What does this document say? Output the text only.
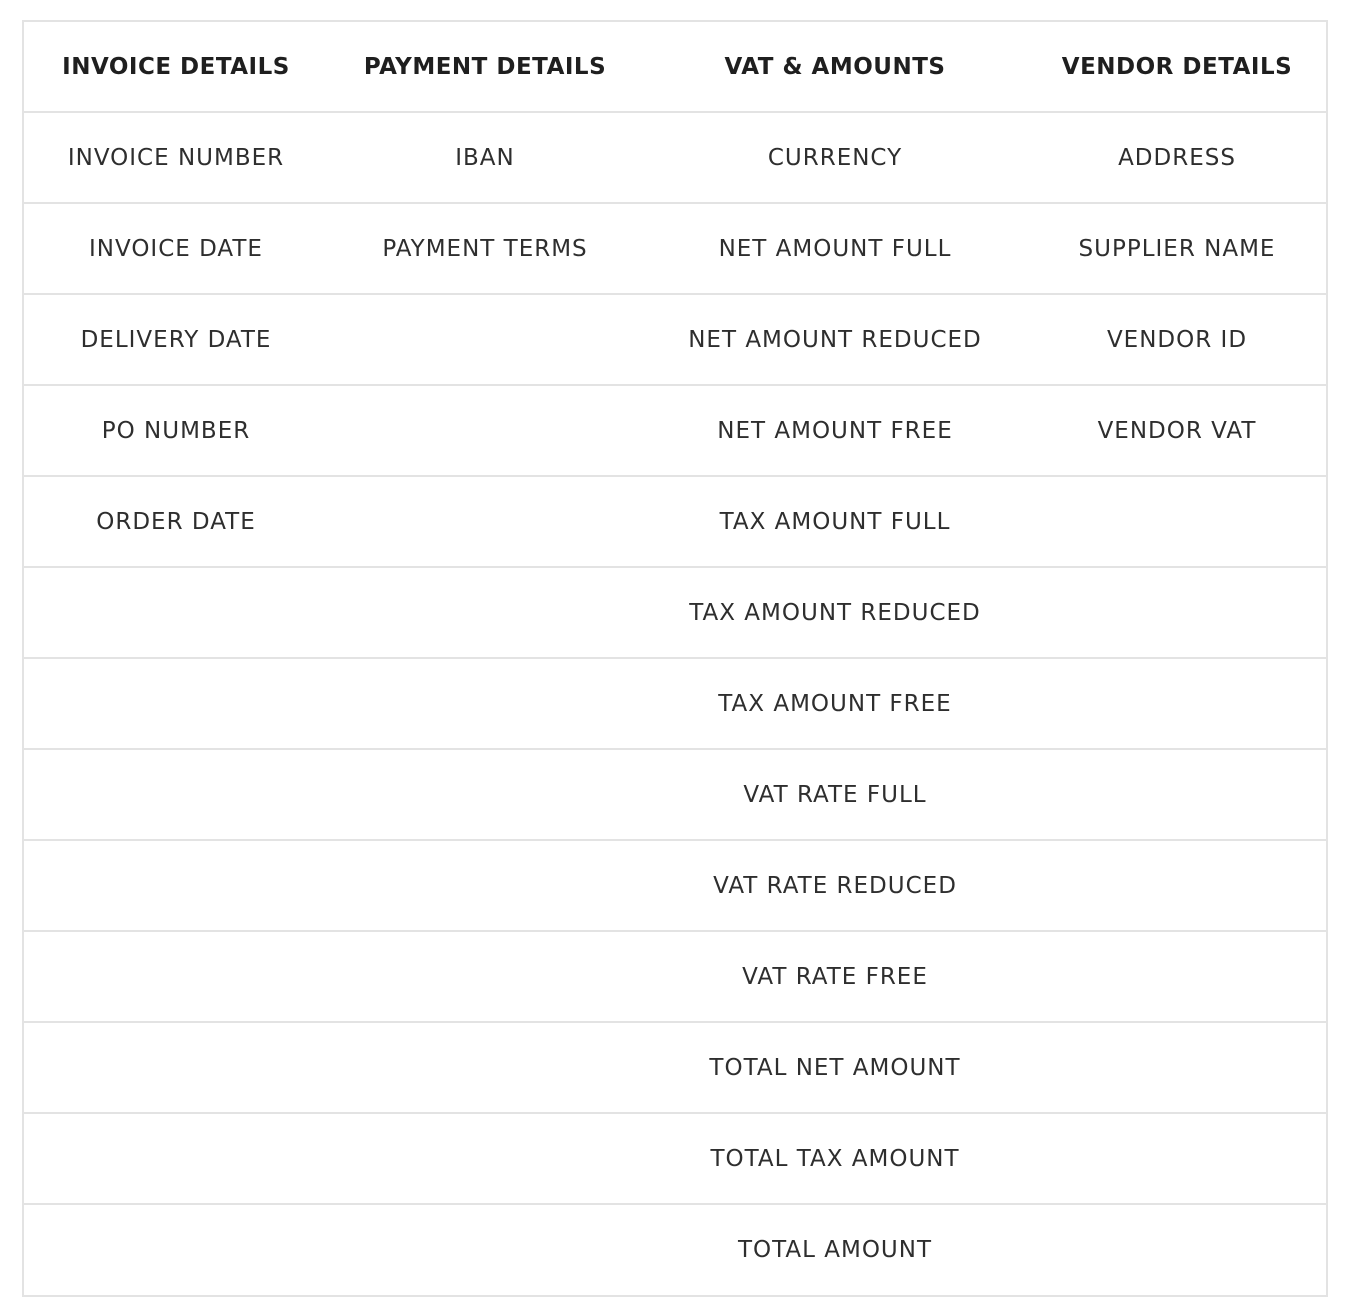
INVOICE DETAILS	PAYMENT DETAILS	VAT & AMOUNTS	VENDOR DETAILS
INVOICE NUMBER	IBAN	CURRENCY	ADDRESS
INVOICE DATE	PAYMENT TERMS	NET AMOUNT FULL	SUPPLIER NAME
DELIVERY DATE		NET AMOUNT REDUCED	VENDOR ID
PO NUMBER		NET AMOUNT FREE	VENDOR VAT
ORDER DATE		TAX AMOUNT FULL	
		TAX AMOUNT REDUCED	
		TAX AMOUNT FREE	
		VAT RATE FULL	
		VAT RATE REDUCED	
		VAT RATE FREE	
		TOTAL NET AMOUNT	
		TOTAL TAX AMOUNT	
		TOTAL AMOUNT	
